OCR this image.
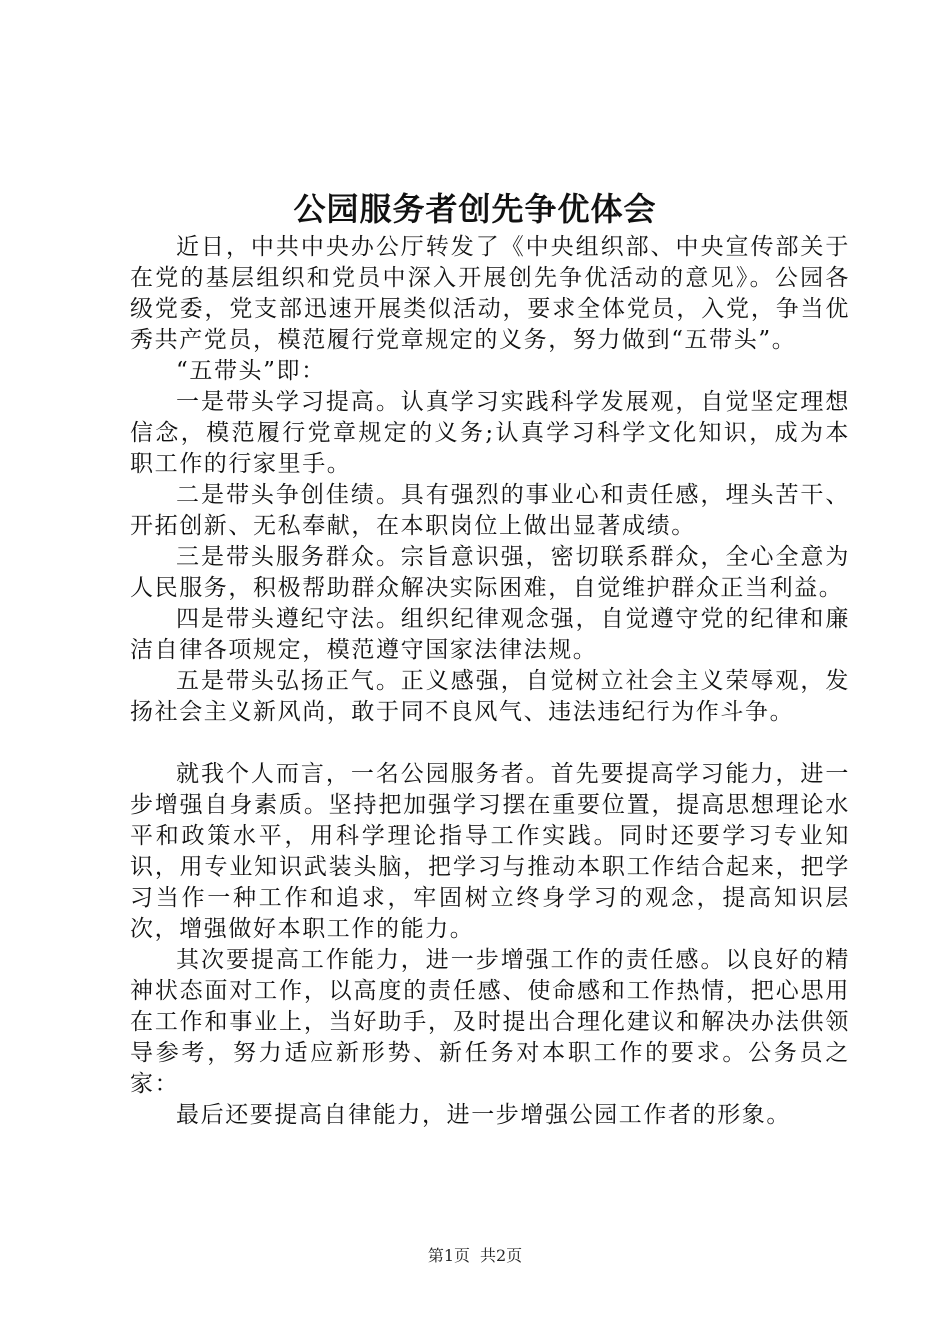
公园服务者创先争优体会

近日，中共中央办公厅转发了《中央组织部、中央宣传部关于在党的基层组织和党员中深入开展创先争优活动的意见》。公园各级党委，党支部迅速开展类似活动，要求全体党员，入党，争当优秀共产党员，模范履行党章规定的义务，努力做到“五带头”。

“五带头”即：

一是带头学习提高。认真学习实践科学发展观，自觉坚定理想信念，模范履行党章规定的义务;认真学习科学文化知识，成为本职工作的行家里手。

二是带头争创佳绩。具有强烈的事业心和责任感，埋头苦干、开拓创新、无私奉献，在本职岗位上做出显著成绩。

三是带头服务群众。宗旨意识强，密切联系群众，全心全意为人民服务，积极帮助群众解决实际困难，自觉维护群众正当利益。

四是带头遵纪守法。组织纪律观念强，自觉遵守党的纪律和廉洁自律各项规定，模范遵守国家法律法规。

五是带头弘扬正气。正义感强，自觉树立社会主义荣辱观，发扬社会主义新风尚，敢于同不良风气、违法违纪行为作斗争。

就我个人而言，一名公园服务者。首先要提高学习能力，进一步增强自身素质。坚持把加强学习摆在重要位置，提高思想理论水平和政策水平，用科学理论指导工作实践。同时还要学习专业知识，用专业知识武装头脑，把学习与推动本职工作结合起来，把学习当作一种工作和追求，牢固树立终身学习的观念，提高知识层次，增强做好本职工作的能力。

其次要提高工作能力，进一步增强工作的责任感。以良好的精神状态面对工作，以高度的责任感、使命感和工作热情，把心思用在工作和事业上，当好助手，及时提出合理化建议和解决办法供领导参考，努力适应新形势、新任务对本职工作的要求。公务员之家：

最后还要提高自律能力，进一步增强公园工作者的形象。

第1页 共2页
